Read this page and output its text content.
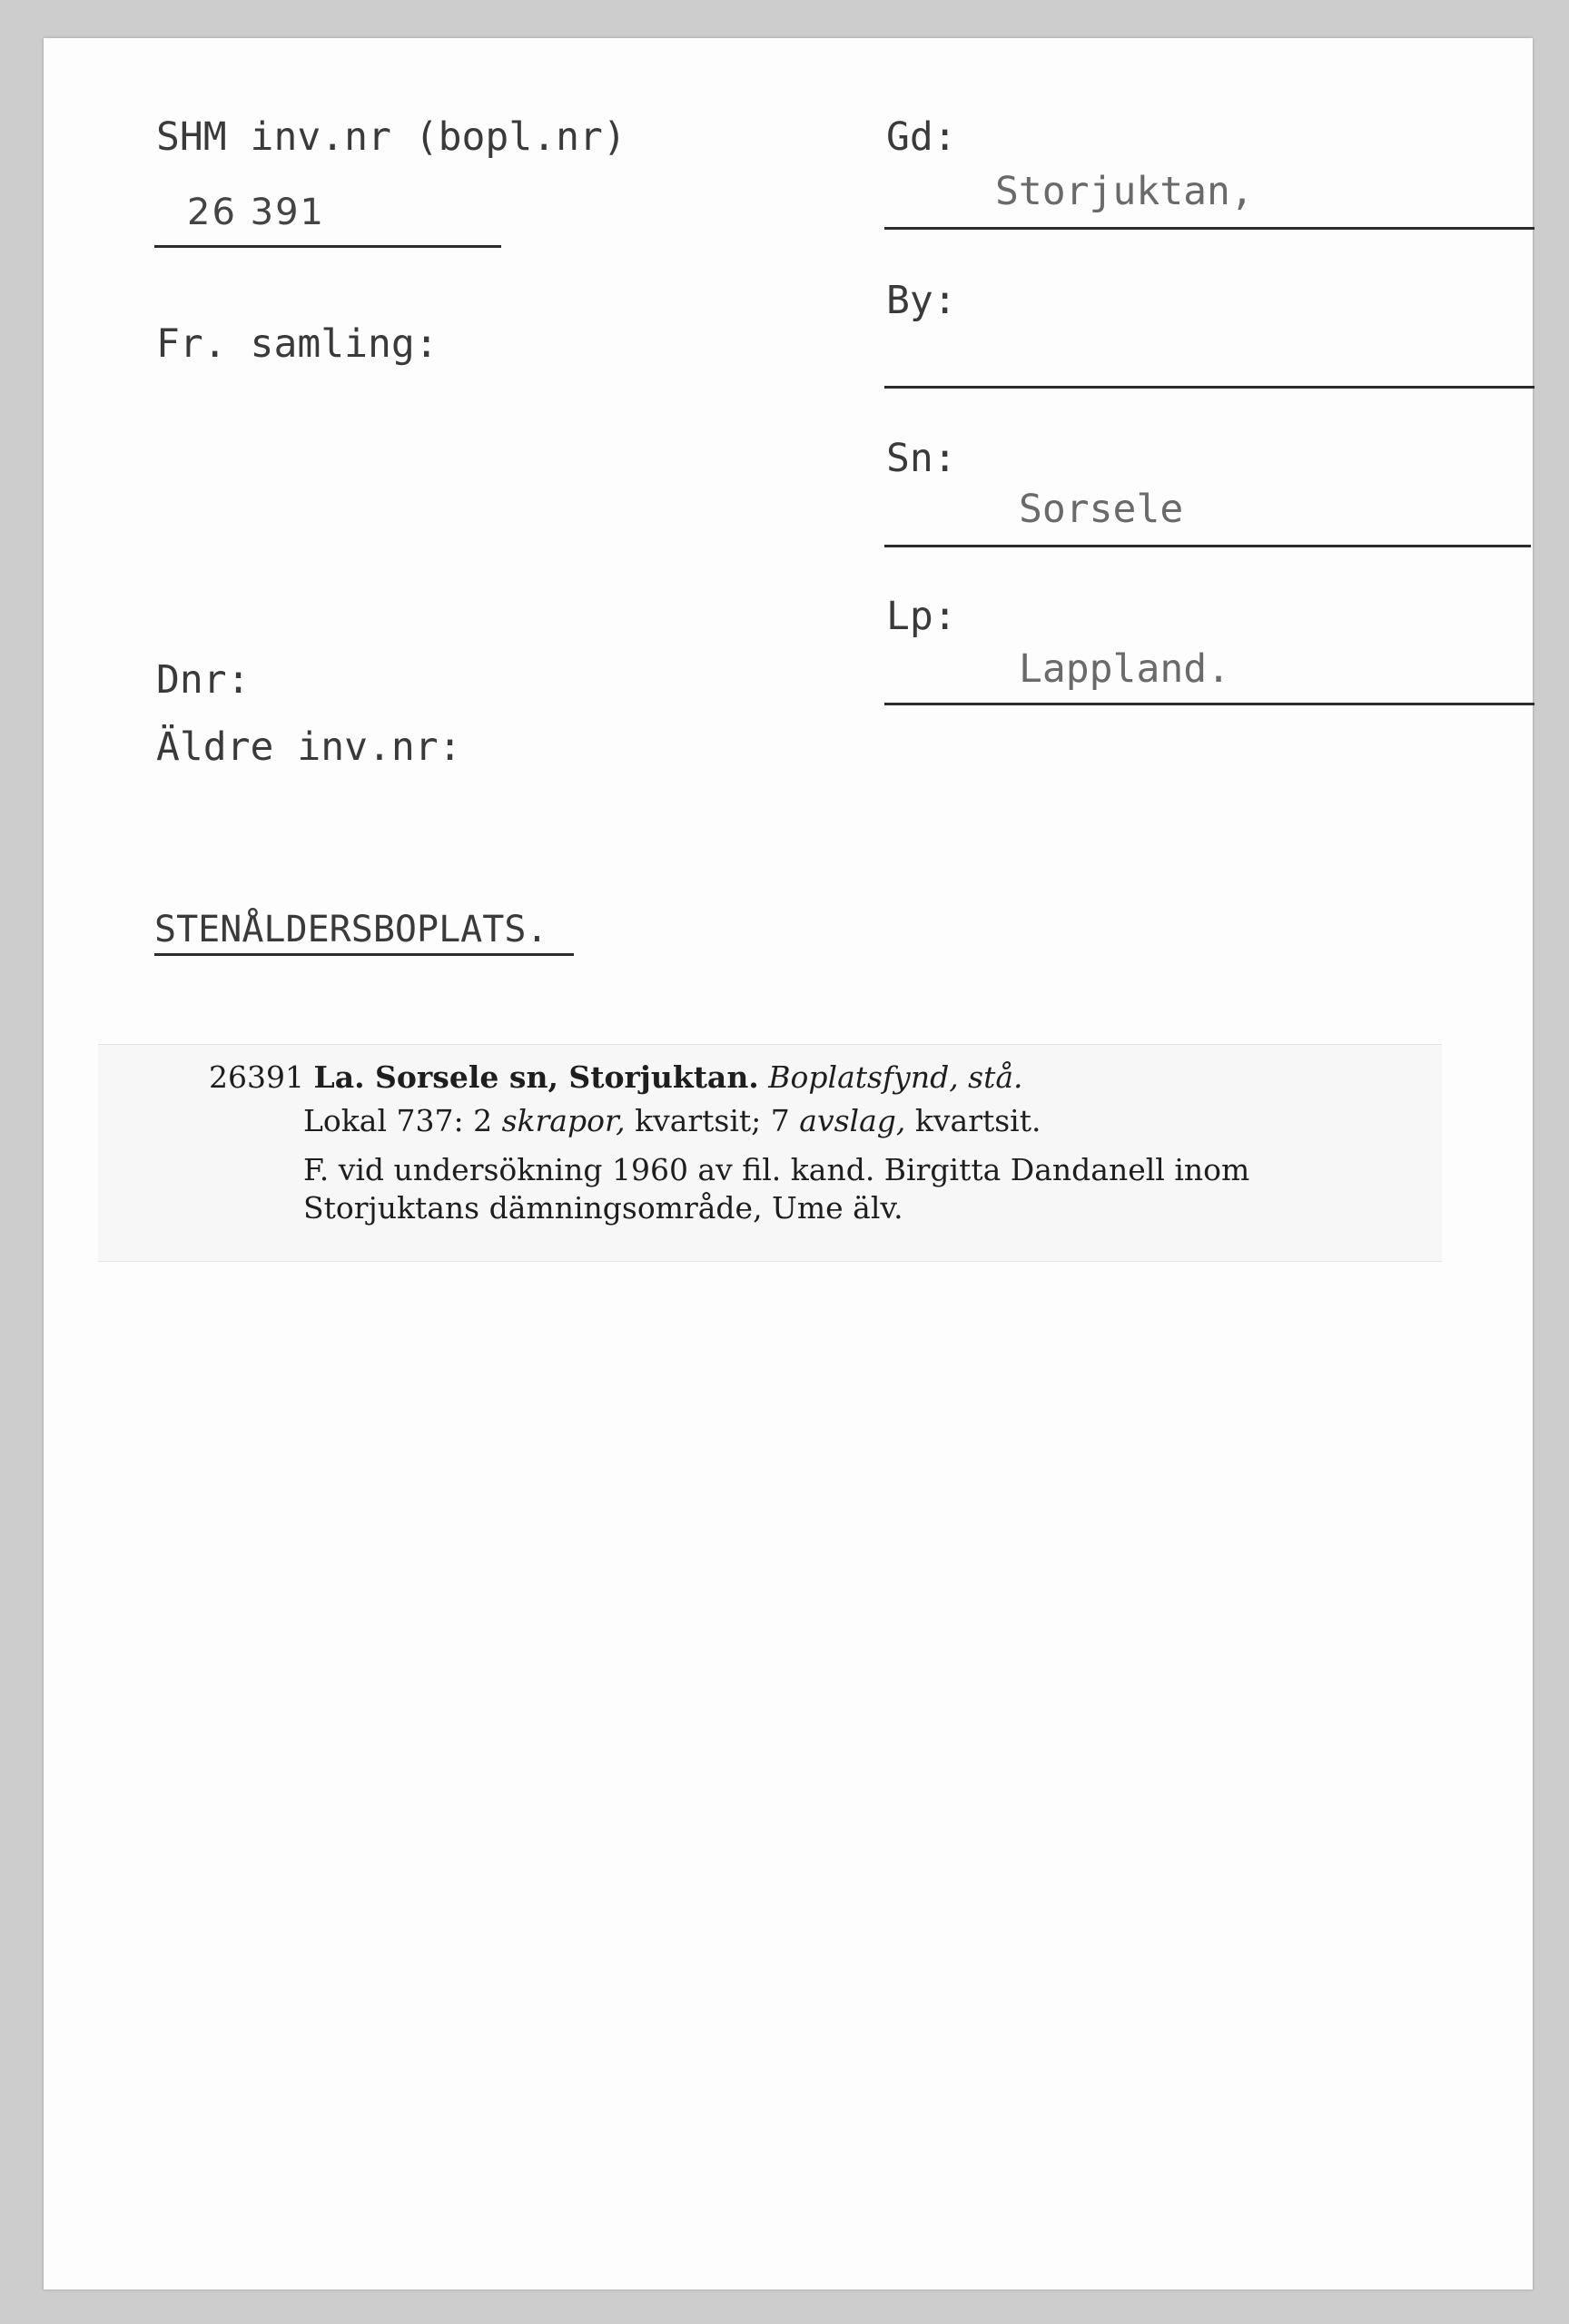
SHM inv.nr (bopl.nr)
26 391
Fr. samling:
Dnr:
Äldre inv.nr:
STENÅLDERSBOPLATS.
Gd:
Storjuktan,
By:
Sn:
Sorsele
Lp:
Lappland.
26391 La. Sorsele sn, Storjuktan. Boplatsfynd, stå.
Lokal 737: 2 skrapor, kvartsit; 7 avslag, kvartsit.
F. vid undersökning 1960 av fil. kand. Birgitta Dandanell inom
Storjuktans dämningsområde, Ume älv.
